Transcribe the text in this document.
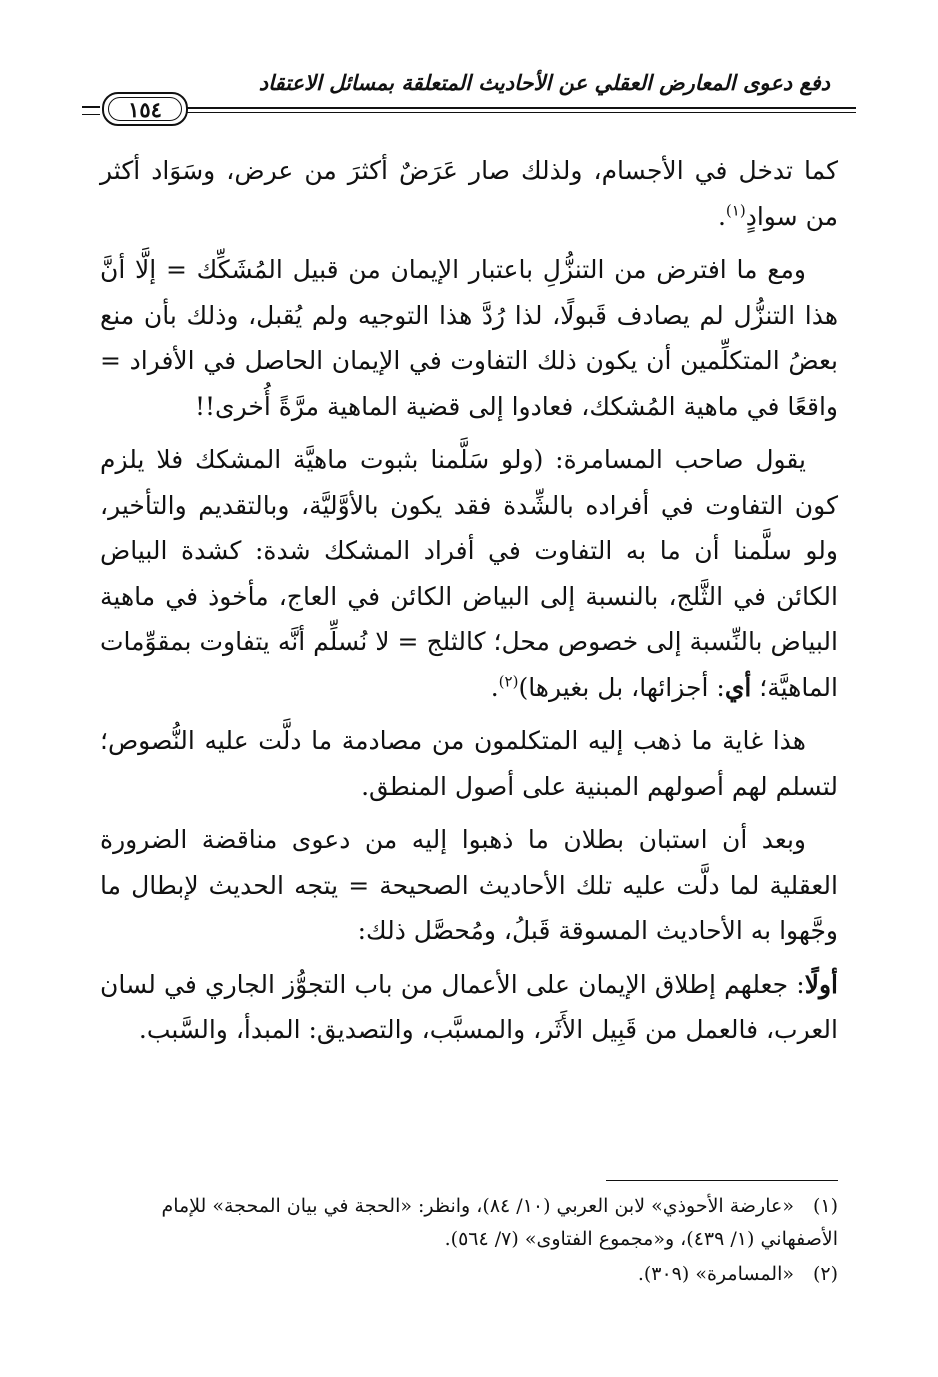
دفع دعوى المعارض العقلي عن الأحاديث المتعلقة بمسائل الاعتقاد
١٥٤

كما تدخل في الأجسام، ولذلك صار عَرَضٌ أكثرَ من عرض، وسَوَاد أكثر من سوادٍ$^{(١)}$.

ومع ما افترض من التنزُّلِ باعتبار الإيمان من قبيل المُشَكِّك = إلَّا أنَّ هذا التنزُّل لم يصادف قَبولًا، لذا رُدَّ هذا التوجيه ولم يُقبل، وذلك بأن منع بعضُ المتكلِّمين أن يكون ذلك التفاوت في الإيمان الحاصل في الأفراد = واقعًا في ماهية المُشكك، فعادوا إلى قضية الماهية مرَّةً أُخرى!!

يقول صاحب المسامرة: (ولو سَلَّمنا بثبوت ماهيَّة المشكك فلا يلزم كون التفاوت في أفراده بالشِّدة فقد يكون بالأوَّليَّة، وبالتقديم والتأخير، ولو سلَّمنا أن ما به التفاوت في أفراد المشكك شدة: كشدة البياض الكائن في الثَّلج، بالنسبة إلى البياض الكائن في العاج، مأخوذ في ماهية البياض بالنِّسبة إلى خصوص محل؛ كالثلج = لا نُسلِّم أنَّه يتفاوت بمقوِّمات الماهيَّة؛ أي: أجزائها، بل بغيرها)$^{(٢)}$.

هذا غاية ما ذهب إليه المتكلمون من مصادمة ما دلَّت عليه النُّصوص؛ لتسلم لهم أصولهم المبنية على أصول المنطق.

وبعد أن استبان بطلان ما ذهبوا إليه من دعوى مناقضة الضرورة العقلية لما دلَّت عليه تلك الأحاديث الصحيحة = يتجه الحديث لإبطال ما وجَّهوا به الأحاديث المسوقة قَبلُ، ومُحصَّل ذلك:

أولًا: جعلهم إطلاق الإيمان على الأعمال من باب التجوُّز الجاري في لسان العرب، فالعمل من قَبِيل الأَثَر، والمسبَّب، والتصديق: المبدأ، والسَّبب.

(١)«عارضة الأحوذي» لابن العربي (١٠/ ٨٤)، وانظر: «الحجة في بيان المحجة» للإمام الأصفهاني (١/ ٤٣٩)، و«مجموع الفتاوى» (٧/ ٥٦٤).

(٢)«المسامرة» (٣٠٩).
